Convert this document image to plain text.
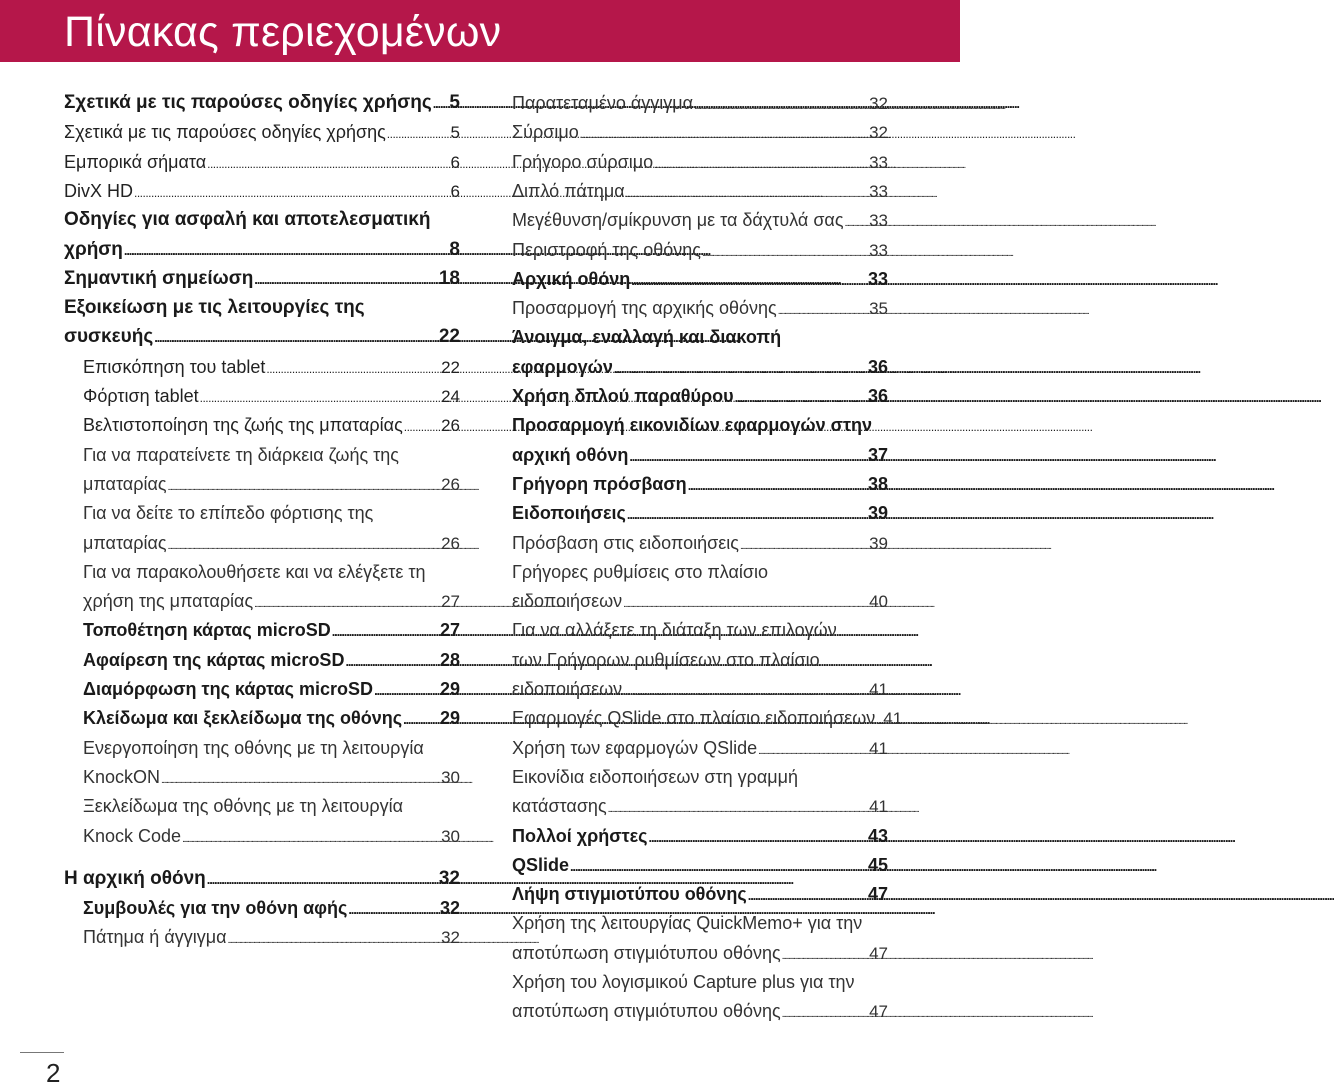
Πίνακας περιεχομένων
Σχετικά με τις παρούσες οδηγίες χρήσης ..... 5
Σχετικά με τις παρούσες οδηγίες χρήσης .....	5
Εμπορικά σήματα .....	6
DivX HD .....	6
Οδηγίες για ασφαλή και αποτελεσματική
χρήση .....	8
Σημαντική σημείωση .....	18
Εξοικείωση με τις λειτουργίες της
συσκευής .....	22
Επισκόπηση του tablet .....	22
Φόρτιση tablet .....	24
Βελτιστοποίηση της ζωής της μπαταρίας ..... 26
Για να παρατείνετε τη διάρκεια ζωής της
μπαταρίας .....	26
Για να δείτε το επίπεδο φόρτισης της
μπαταρίας .....	26
Για να παρακολουθήσετε και να ελέγξετε τη
χρήση της μπαταρίας .....	27
Τοποθέτηση κάρτας microSD .....	27
Αφαίρεση της κάρτας microSD .....	28
Διαμόρφωση της κάρτας microSD .....	29
Κλείδωμα και ξεκλείδωμα της οθόνης ..... 29
Ενεργοποίηση της οθόνης με τη λειτουργία
KnockON .....	30
Ξεκλείδωμα της οθόνης με τη λειτουργία
Knock Code .....	30
Η αρχική οθόνη .....	32
Συμβουλές για την οθόνη αφής .....	32
Πάτημα ή άγγιγμα .....	32
Παρατεταμένο άγγιγμα .....	32
Σύρσιμο .....	32
Γρήγορο σύρσιμο .....	33
Διπλό πάτημα .....	33
Μεγέθυνση/σμίκρυνση με τα δάχτυλά σας ..... 33
Περιστροφή της οθόνης .....	33
Αρχική οθόνη .....	33
Προσαρμογή της αρχικής οθόνης .....	35
Άνοιγμα, εναλλαγή και διακοπή
εφαρμογών .....	36
Χρήση δπλού παραθύρου .....	36
Προσαρμογή εικονιδίων εφαρμογών στην
αρχική οθόνη .....	37
Γρήγορη πρόσβαση .....	38
Ειδοποιήσεις .....	39
Πρόσβαση στις ειδοποιήσεις .....	39
Γρήγορες ρυθμίσεις στο πλαίσιο
ειδοποιήσεων .....	40
Για να αλλάξετε τη διάταξη των επιλογών
των Γρήγορων ρυθμίσεων στο πλαίσιο
ειδοποιήσεων .....	41
Εφαρμογές QSlide στο πλαίσιο ειδοποιήσεων ..... 41
Χρήση των εφαρμογών QSlide .....	41
Εικονίδια ειδοποιήσεων στη γραμμή
κατάστασης .....	41
Πολλοί χρήστες .....	43
QSlide .....	45
Λήψη στιγμιοτύπου οθόνης .....	47
Χρήση της λειτουργίας QuickMemo+ για την
αποτύπωση στιγμιότυπου οθόνης .....	47
Χρήση του λογισμικού Capture plus για την
αποτύπωση στιγμιότυπου οθόνης .....	47
2
